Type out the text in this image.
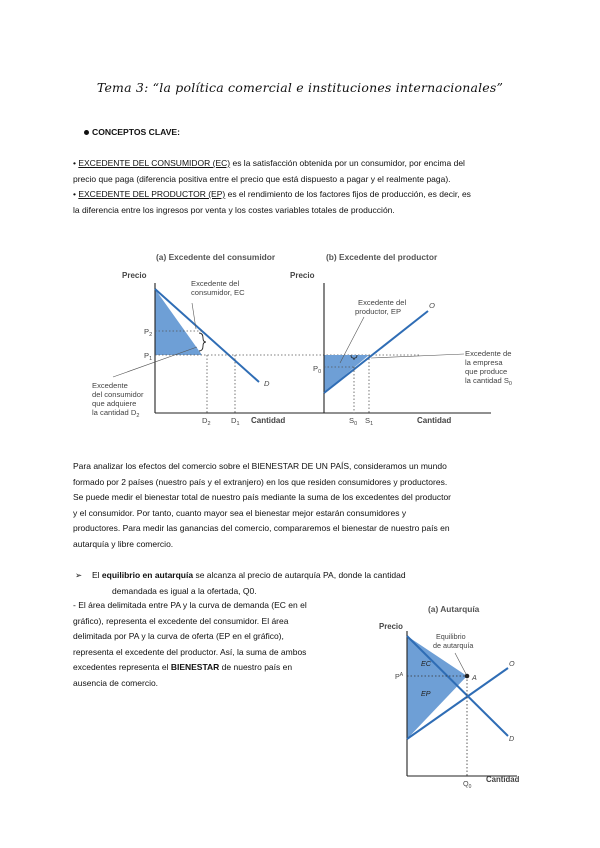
Tema 3: “la política comercial e instituciones internacionales”
CONCEPTOS CLAVE:
• EXCEDENTE DEL CONSUMIDOR (EC) es la satisfacción obtenida por un consumidor, por encima del
precio que paga (diferencia positiva entre el precio que está dispuesto a pagar y el realmente paga).
• EXCEDENTE DEL PRODUCTOR (EP) es el rendimiento de los factores fijos de producción, es decir, es
la diferencia entre los ingresos por venta y los costes variables totales de producción.
(a) Excedente del consumidor
Precio
Excedente del
consumidor, EC
$P_2$
$P_1$
D
$D_2$	$D_1$ Cantidad
Excedente
del consumidor
que adquiere
la cantidad $D_2$
(b) Excedente del productor
Precio
Excedente del
productor, EP
O
$P_0$
$S_0$ $S_1$	Cantidad
Excedente de
la empresa
que produce
la cantidad $S_0$
Para analizar los efectos del comercio sobre el BIENESTAR DE UN PAÍS, consideramos un mundo
formado por 2 países (nuestro país y el extranjero) en los que residen consumidores y productores.
Se puede medir el bienestar total de nuestro país mediante la suma de los excedentes del productor
y el consumidor. Por tanto, cuanto mayor sea el bienestar mejor estarán consumidores y
productores. Para medir las ganancias del comercio, compararemos el bienestar de nuestro país en
autarquía y libre comercio.
➢ El equilibrio en autarquía se alcanza al precio de autarquía PA, donde la cantidad
demandada es igual a la ofertada, Q0.
- El área delimitada entre PA y la curva de demanda (EC en el
gráfico), representa el excedente del consumidor. El área
delimitada por PA y la curva de oferta (EP en el gráfico),
representa el excedente del productor. Así, la suma de ambos
excedentes representa el BIENESTAR de nuestro país en
ausencia de comercio.
(a) Autarquía
Precio
Equilibrio
de autarquía
O
D
EC
EP
$P^A$	A
$Q_0$
Cantidad
